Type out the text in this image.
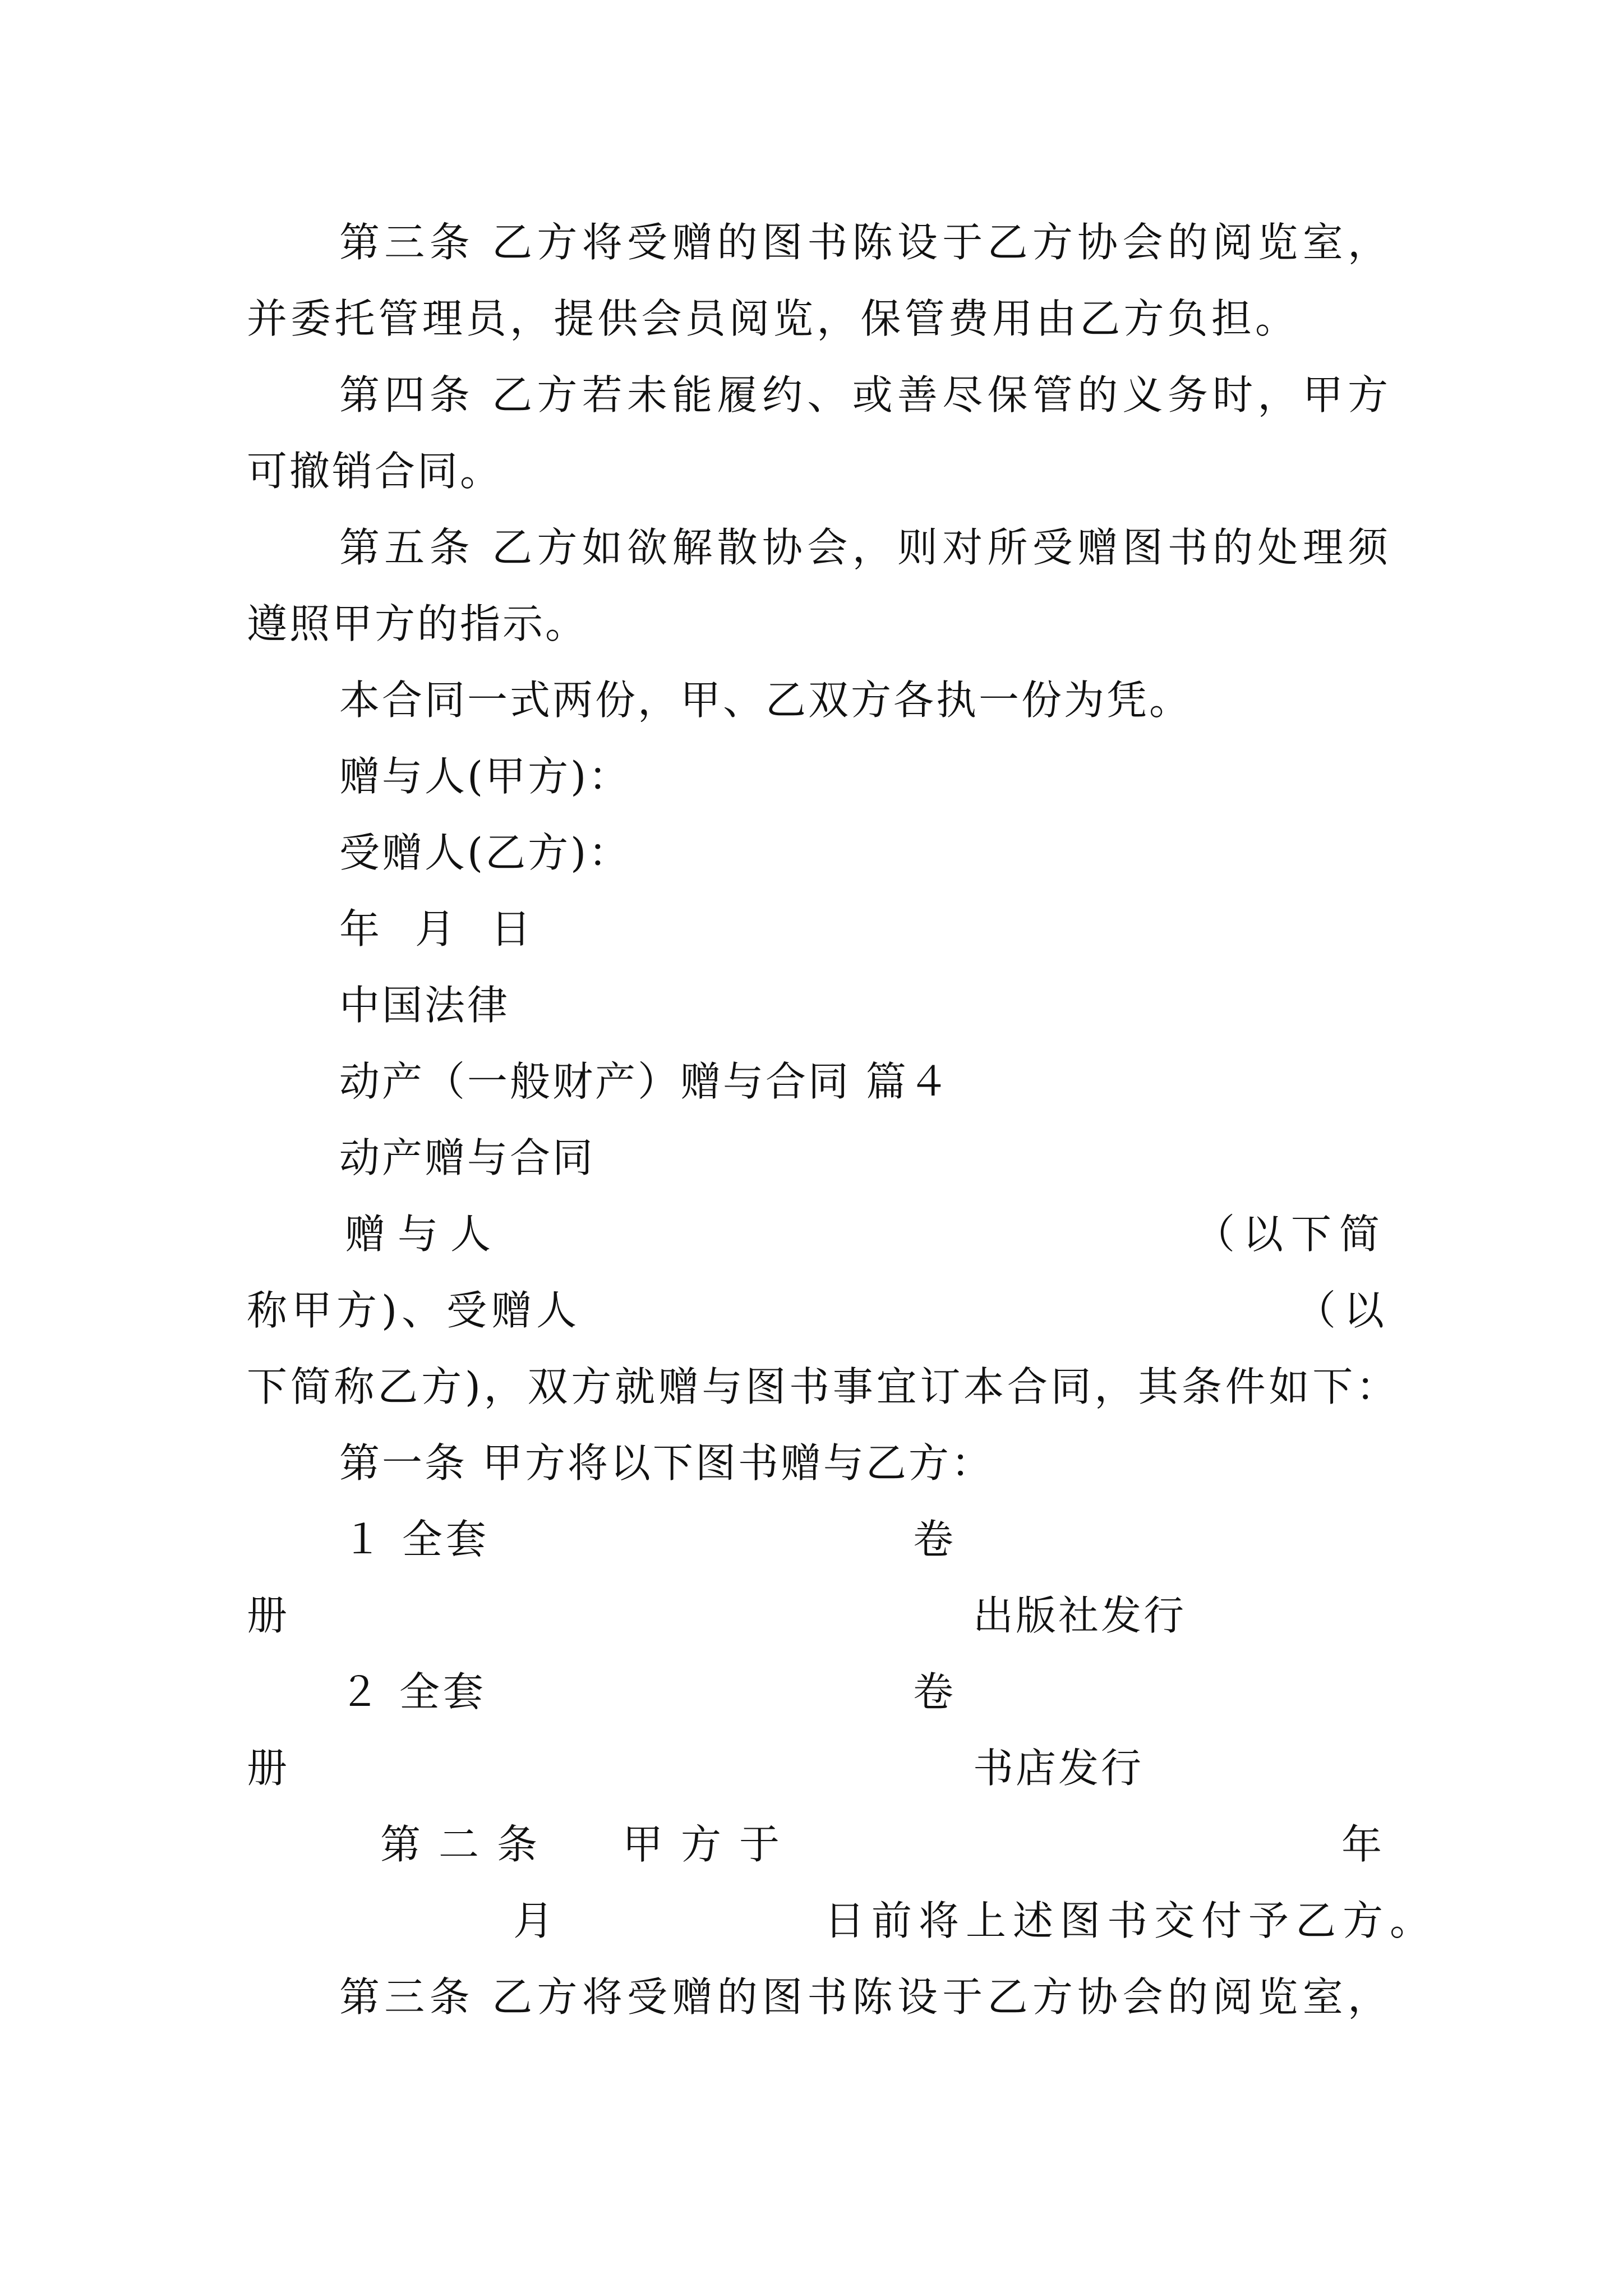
第三条 乙方将受赠的图书陈设于乙方协会的阅览室，
并委托管理员，提供会员阅览，保管费用由乙方负担。
第四条 乙方若未能履约、或善尽保管的义务时，甲方
可撤销合同。
第五条 乙方如欲解散协会，则对所受赠图书的处理须
遵照甲方的指示。
本合同一式两份，甲、乙双方各执一份为凭。
赠与人(甲方)：
受赠人(乙方)：
年 月 日
中国法律
动产（一般财产）赠与合同 篇４
动产赠与合同
赠与人	（以下简
称甲方)、受赠人	（以
下简称乙方)，双方就赠与图书事宜订本合同，其条件如下：
第一条 甲方将以下图书赠与乙方：
１ 全套	卷
册	出版社发行
２ 全套	卷
册	书店发行
第二条 甲方于	年
月	日前将上述图书交付予乙方。
第三条 乙方将受赠的图书陈设于乙方协会的阅览室，
